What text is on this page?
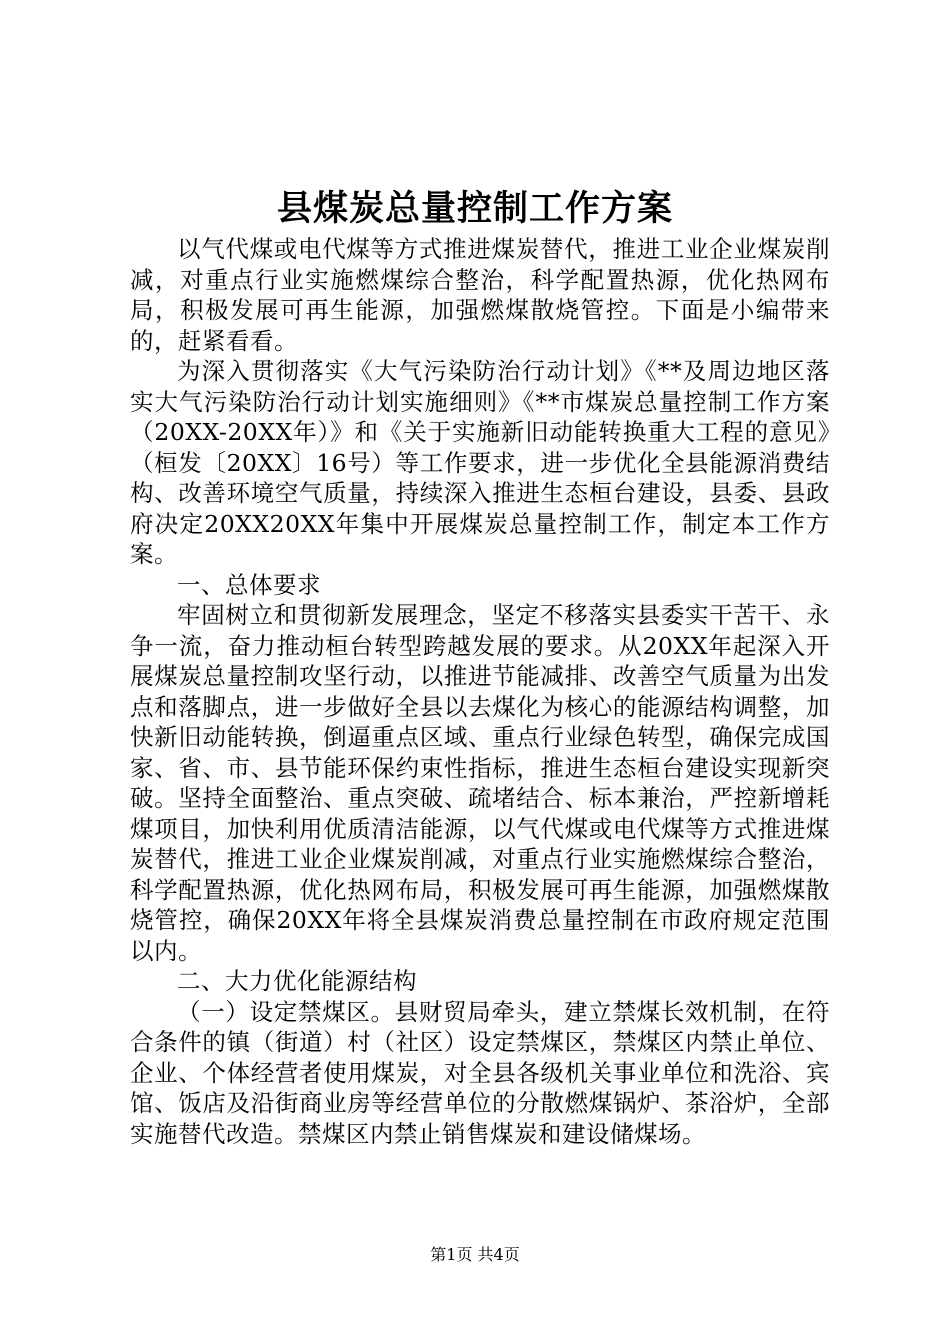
县煤炭总量控制工作方案

以气代煤或电代煤等方式推进煤炭替代，推进工业企业煤炭削减，对重点行业实施燃煤综合整治，科学配置热源，优化热网布局，积极发展可再生能源，加强燃煤散烧管控。下面是小编带来的，赶紧看看。

为深入贯彻落实《大气污染防治行动计划》《**及周边地区落实大气污染防治行动计划实施细则》《**市煤炭总量控制工作方案（20XX-20XX年）》和《关于实施新旧动能转换重大工程的意见》（桓发〔20XX〕16号）等工作要求，进一步优化全县能源消费结构、改善环境空气质量，持续深入推进生态桓台建设，县委、县政府决定20XX20XX年集中开展煤炭总量控制工作，制定本工作方案。

一、总体要求

牢固树立和贯彻新发展理念，坚定不移落实县委实干苦干、永争一流，奋力推动桓台转型跨越发展的要求。从20XX年起深入开展煤炭总量控制攻坚行动，以推进节能减排、改善空气质量为出发点和落脚点，进一步做好全县以去煤化为核心的能源结构调整，加快新旧动能转换，倒逼重点区域、重点行业绿色转型，确保完成国家、省、市、县节能环保约束性指标，推进生态桓台建设实现新突破。坚持全面整治、重点突破、疏堵结合、标本兼治，严控新增耗煤项目，加快利用优质清洁能源，以气代煤或电代煤等方式推进煤炭替代，推进工业企业煤炭削减，对重点行业实施燃煤综合整治，科学配置热源，优化热网布局，积极发展可再生能源，加强燃煤散烧管控，确保20XX年将全县煤炭消费总量控制在市政府规定范围以内。

二、大力优化能源结构

（一）设定禁煤区。县财贸局牵头，建立禁煤长效机制，在符合条件的镇（街道）村（社区）设定禁煤区，禁煤区内禁止单位、企业、个体经营者使用煤炭，对全县各级机关事业单位和洗浴、宾馆、饭店及沿街商业房等经营单位的分散燃煤锅炉、茶浴炉，全部实施替代改造。禁煤区内禁止销售煤炭和建设储煤场。

第1页 共4页
